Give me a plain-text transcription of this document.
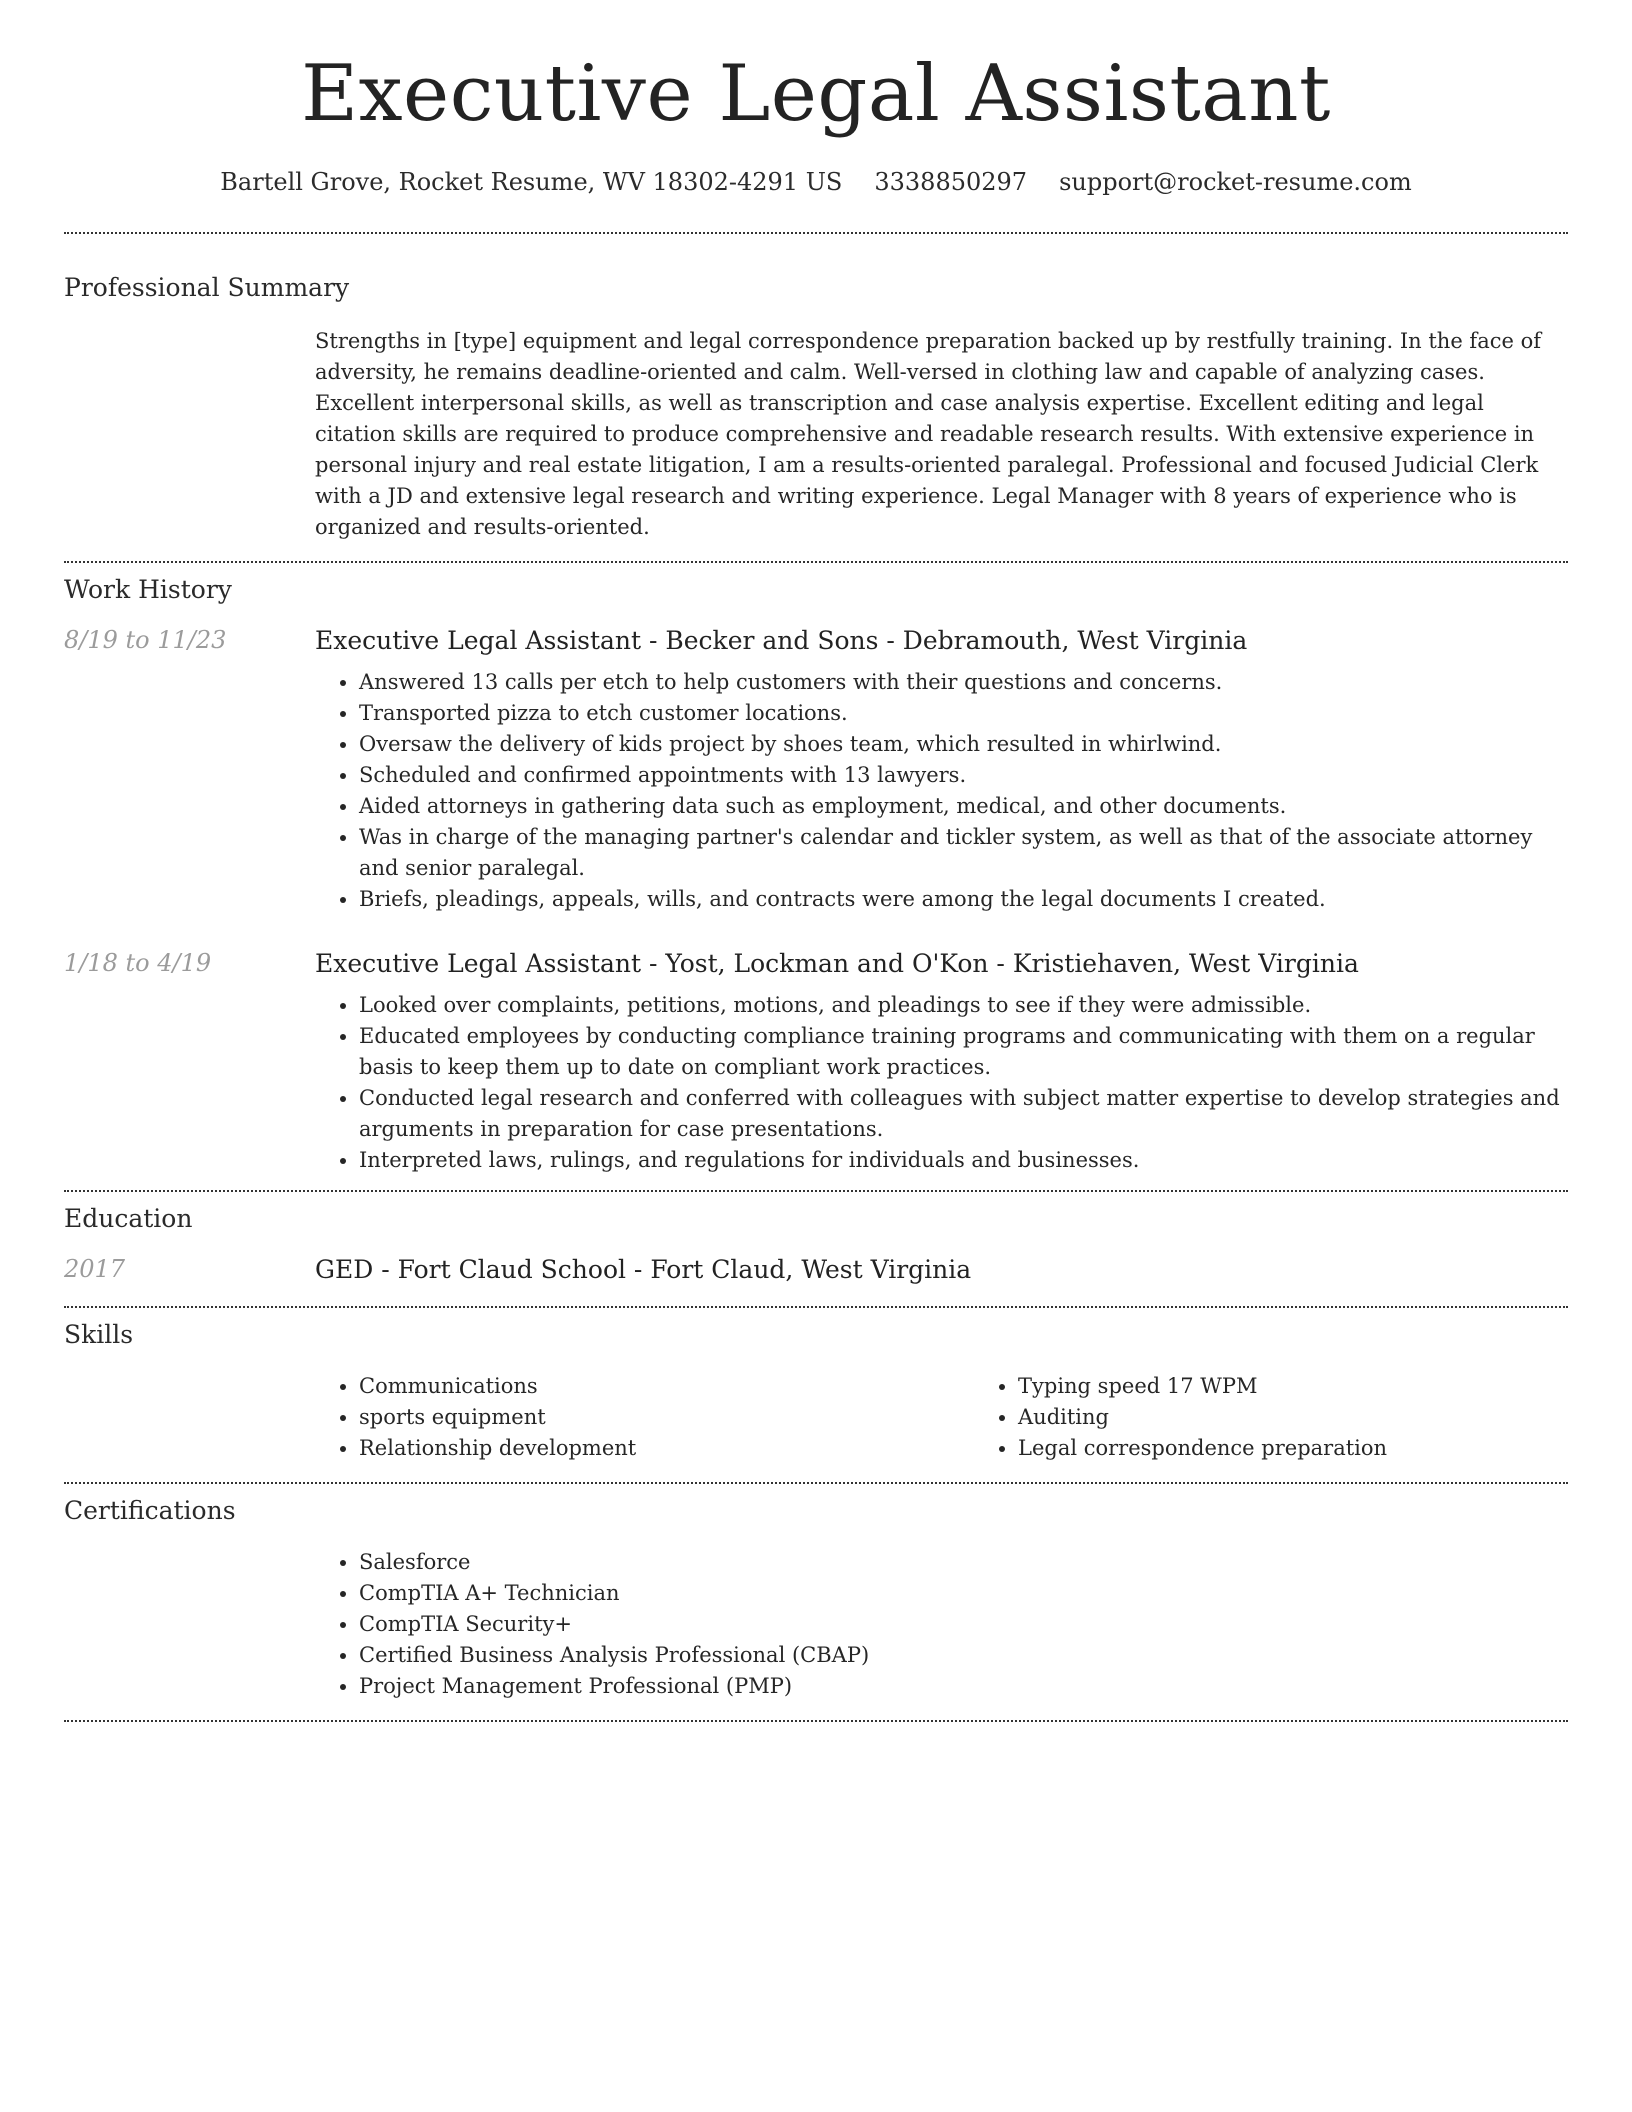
Executive Legal Assistant
Bartell Grove, Rocket Resume, WV 18302-4291 US 3338850297 support@rocket-resume.com
Professional Summary

Strengths in [type] equipment and legal correspondence preparation backed up by restfully training. In the face of adversity, he remains deadline-oriented and calm. Well-versed in clothing law and capable of analyzing cases. Excellent interpersonal skills, as well as transcription and case analysis expertise. Excellent editing and legal citation skills are required to produce comprehensive and readable research results. With extensive experience in personal injury and real estate litigation, I am a results-oriented paralegal. Professional and focused Judicial Clerk with a JD and extensive legal research and writing experience. Legal Manager with 8 years of experience who is organized and results-oriented.

Work History
8/19 to 11/23	Executive Legal Assistant - Becker and Sons - Debramouth, West Virginia
• Answered 13 calls per etch to help customers with their questions and concerns.
• Transported pizza to etch customer locations.
• Oversaw the delivery of kids project by shoes team, which resulted in whirlwind.
• Scheduled and confirmed appointments with 13 lawyers.
• Aided attorneys in gathering data such as employment, medical, and other documents.
• Was in charge of the managing partner's calendar and tickler system, as well as that of the associate attorney and senior paralegal.
• Briefs, pleadings, appeals, wills, and contracts were among the legal documents I created.
1/18 to 4/19	Executive Legal Assistant - Yost, Lockman and O'Kon - Kristiehaven, West Virginia
• Looked over complaints, petitions, motions, and pleadings to see if they were admissible.
• Educated employees by conducting compliance training programs and communicating with them on a regular basis to keep them up to date on compliant work practices.
• Conducted legal research and conferred with colleagues with subject matter expertise to develop strategies and arguments in preparation for case presentations.
• Interpreted laws, rulings, and regulations for individuals and businesses.
Education
2017	GED - Fort Claud School - Fort Claud, West Virginia
Skills
• Communications
• sports equipment
• Relationship development
• Typing speed 17 WPM
• Auditing
• Legal correspondence preparation
Certifications
• Salesforce
• CompTIA A+ Technician
• CompTIA Security+
• Certified Business Analysis Professional (CBAP)
• Project Management Professional (PMP)
